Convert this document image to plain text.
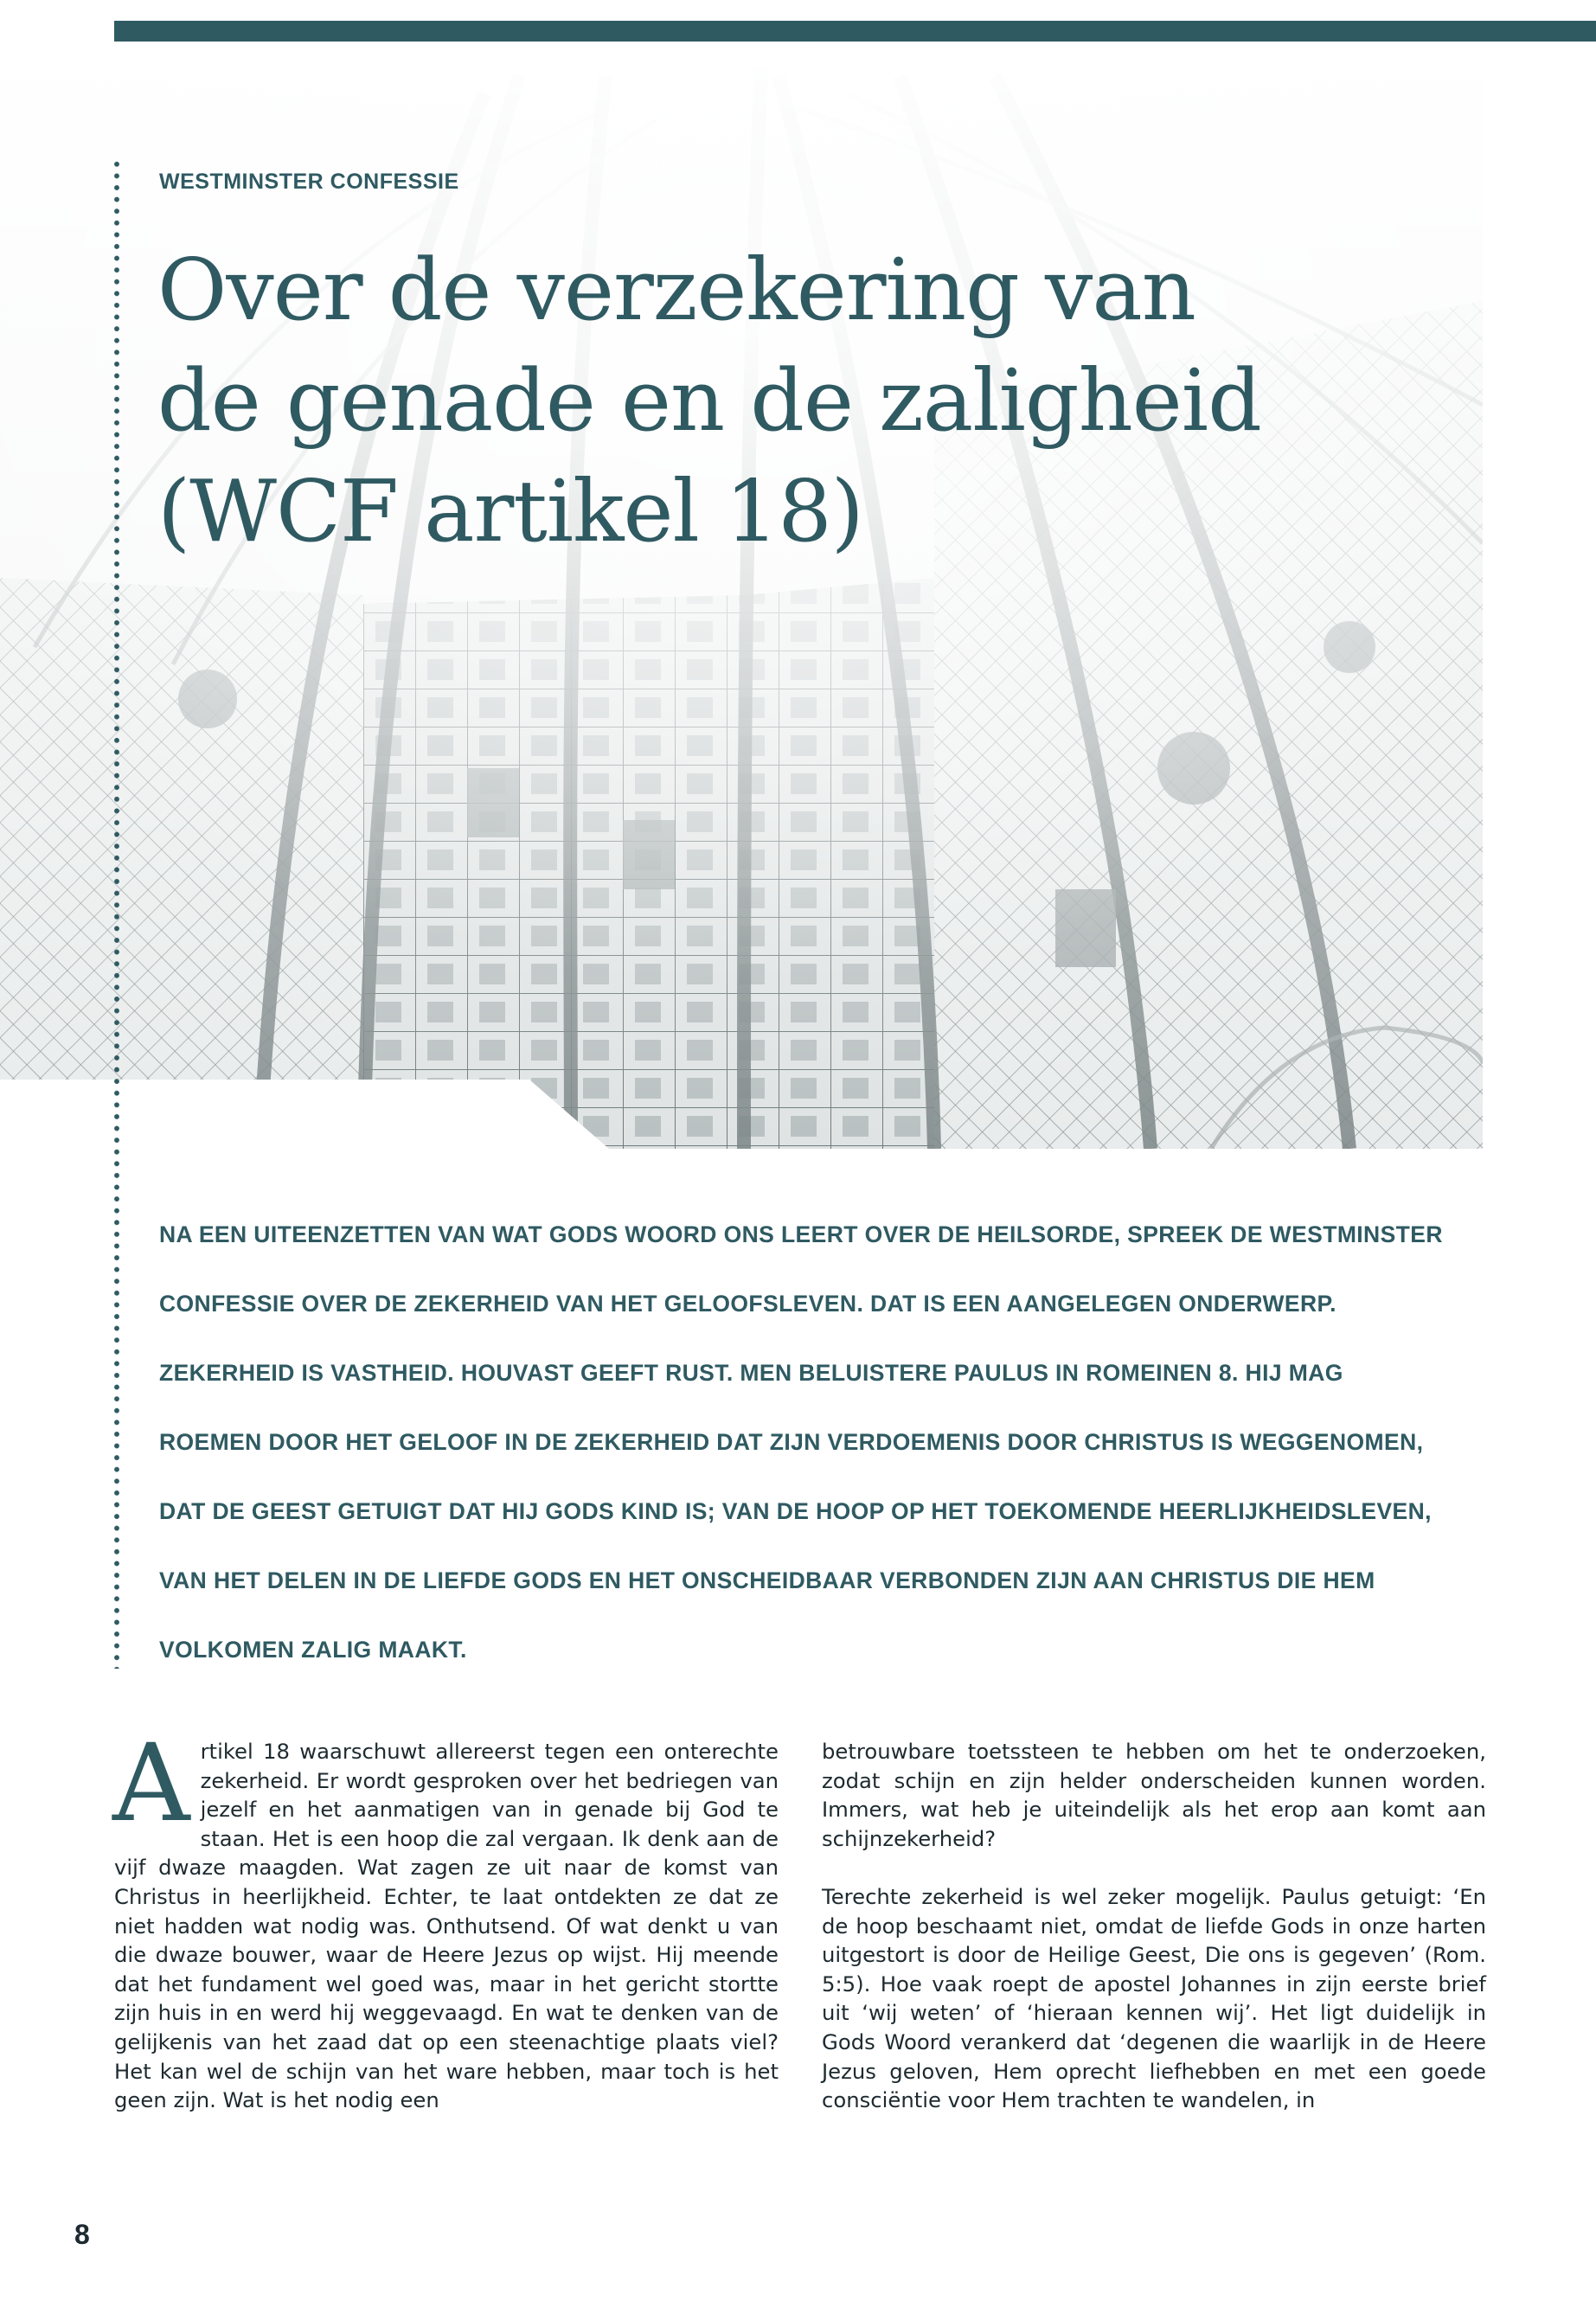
WESTMINSTER CONFESSIE
Over de verzekering van
de genade en de zaligheid
(WCF artikel 18)
NA EEN UITEENZETTEN VAN WAT GODS WOORD ONS LEERT OVER DE HEILSORDE, SPREEK DE WESTMINSTER
CONFESSIE OVER DE ZEKERHEID VAN HET GELOOFSLEVEN. DAT IS EEN AANGELEGEN ONDERWERP.
ZEKERHEID IS VASTHEID. HOUVAST GEEFT RUST. MEN BELUISTERE PAULUS IN ROMEINEN 8. HIJ MAG
ROEMEN DOOR HET GELOOF IN DE ZEKERHEID DAT ZIJN VERDOEMENIS DOOR CHRISTUS IS WEGGENOMEN,
DAT DE GEEST GETUIGT DAT HIJ GODS KIND IS; VAN DE HOOP OP HET TOEKOMENDE HEERLIJKHEIDSLEVEN,
VAN HET DELEN IN DE LIEFDE GODS EN HET ONSCHEIDBAAR VERBONDEN ZIJN AAN CHRISTUS DIE HEM
VOLKOMEN ZALIG MAAKT.

Artikel 18 waarschuwt allereerst tegen een onterechte zekerheid. Er wordt gesproken over het bedriegen van jezelf en het aanmatigen van in genade bij God te staan. Het is een hoop die zal vergaan. Ik denk aan de vijf dwaze maagden. Wat zagen ze uit naar de komst van Christus in heerlijkheid. Echter, te laat ontdekten ze dat ze niet hadden wat nodig was. Onthutsend. Of wat denkt u van die dwaze bouwer, waar de Heere Jezus op wijst. Hij meende dat het fundament wel goed was, maar in het gericht stortte zijn huis in en werd hij weggevaagd. En wat te denken van de gelijkenis van het zaad dat op een steenachtige plaats viel? Het kan wel de schijn van het ware hebben, maar toch is het geen zijn. Wat is het nodig een

betrouwbare toetssteen te hebben om het te onderzoeken, zodat schijn en zijn helder onderscheiden kunnen worden. Immers, wat heb je uiteindelijk als het erop aan komt aan schijnzekerheid?

Terechte zekerheid is wel zeker mogelijk. Paulus getuigt: ‘En de hoop beschaamt niet, omdat de liefde Gods in onze harten uitgestort is door de Heilige Geest, Die ons is gegeven’ (Rom. 5:5). Hoe vaak roept de apostel Johannes in zijn eerste brief uit ‘wij weten’ of ‘hieraan kennen wij’. Het ligt duidelijk in Gods Woord verankerd dat ‘degenen die waarlijk in de Heere Jezus geloven, Hem oprecht liefhebben en met een goede consciëntie voor Hem trachten te wandelen, in

8
